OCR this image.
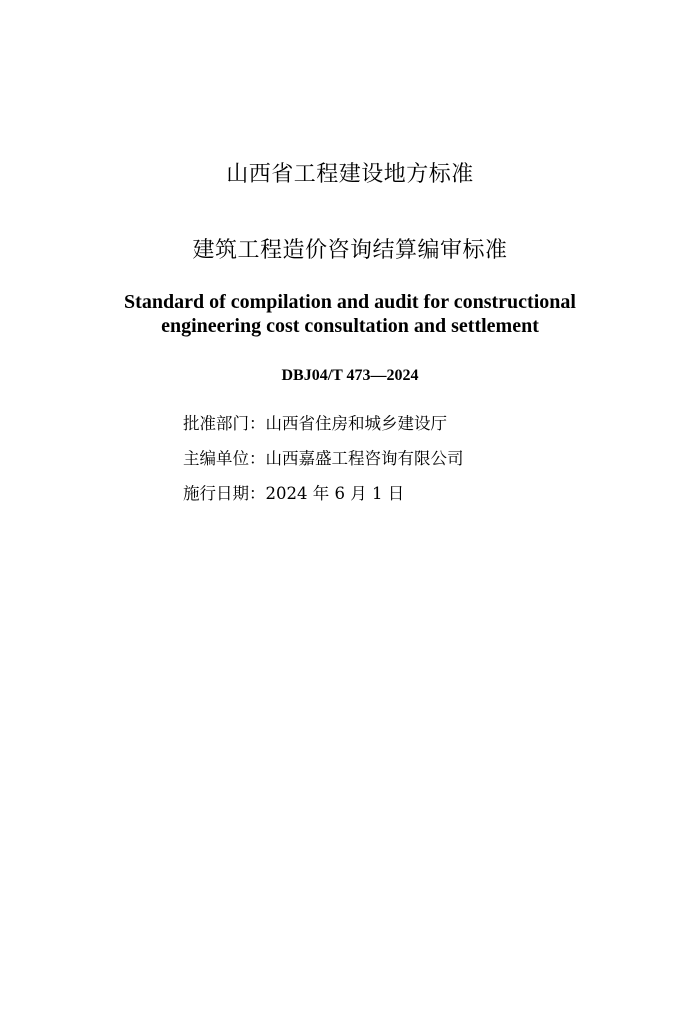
山西省工程建设地方标准
建筑工程造价咨询结算编审标准
Standard of compilation and audit for constructional
engineering cost consultation and settlement
DBJ04/T 473—2024
批准部门：山西省住房和城乡建设厅
主编单位：山西嘉盛工程咨询有限公司
施行日期：2024 年 6 月 1 日
